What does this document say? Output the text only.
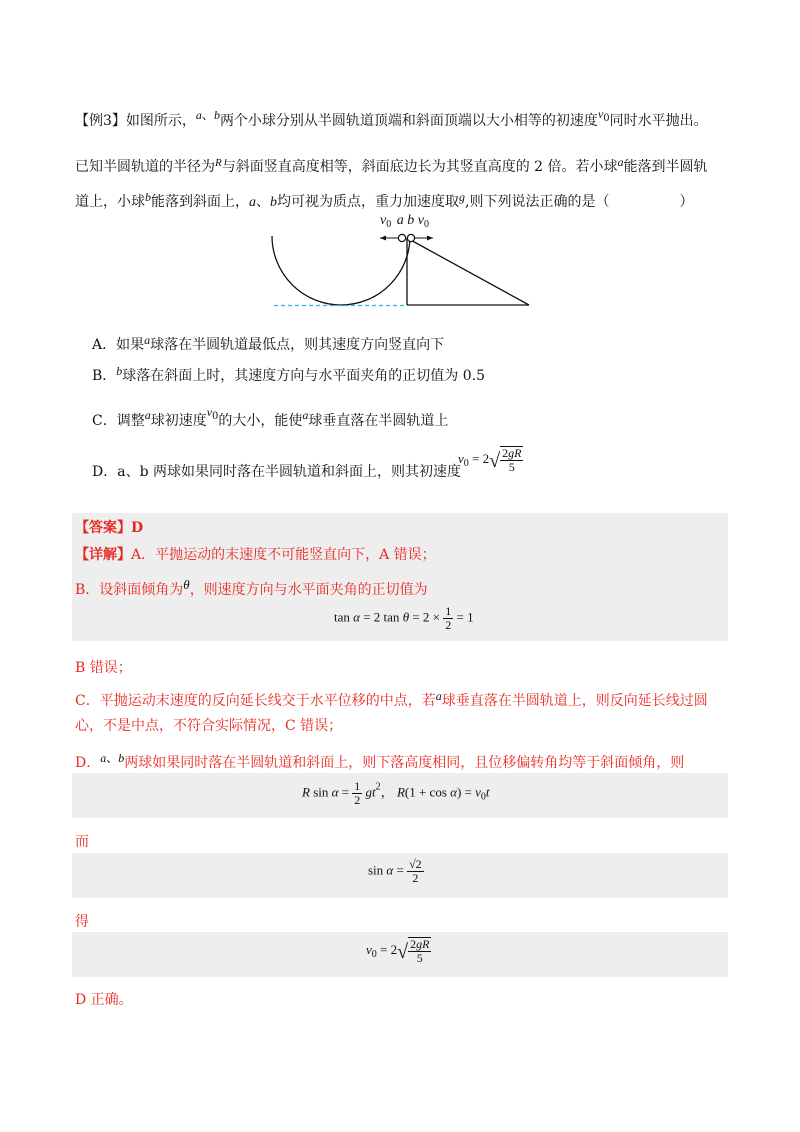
【例3】如图所示，a、b两个小球分别从半圆轨道顶端和斜面顶端以大小相等的初速度$v_0$同时水平抛出。
已知半圆轨道的半径为$^R$与斜面竖直高度相等，斜面底边长为其竖直高度的 2 倍。若小球a能落到半圆轨
道上，小球b能落到斜面上，a、b均可视为质点，重力加速度取g,则下列说法正确的是（	）
$v_0$ a b $v_0$
A．如果a球落在半圆轨道最低点，则其速度方向竖直向下
B．b球落在斜面上时，其速度方向与水平面夹角的正切值为 0.5
C．调整a球初速度$v_0$的大小，能使a球垂直落在半圆轨道上
D．a、b 两球如果同时落在半圆轨道和斜面上，则其初速度
$v_0 = 2√ \frac{2gR}{5}$
【答案】D
【详解】A．平抛运动的末速度不可能竖直向下，A 错误；
B．设斜面倾角为θ，则速度方向与水平面夹角的正切值为
tan α = 2 $\tan \theta = 2 \times \frac{1}{2} = 1$
B 错误；
C．平抛运动末速度的反向延长线交于水平位移的中点，若a球垂直落在半圆轨道上，则反向延长线过圆
心，不是中点，不符合实际情况，C 错误；
D．a、b两球如果同时落在半圆轨道和斜面上，则下落高度相同，且位移偏转角均等于斜面倾角，则
R $\sin \alpha = \frac{1}{2} gt^2$， $R(1 + \cos \alpha) = v_0t$
而
$\sin \alpha = \frac{√2}{2}$
得
$v_0 = 2√ \frac{2gR}{5}$
D 正确。
